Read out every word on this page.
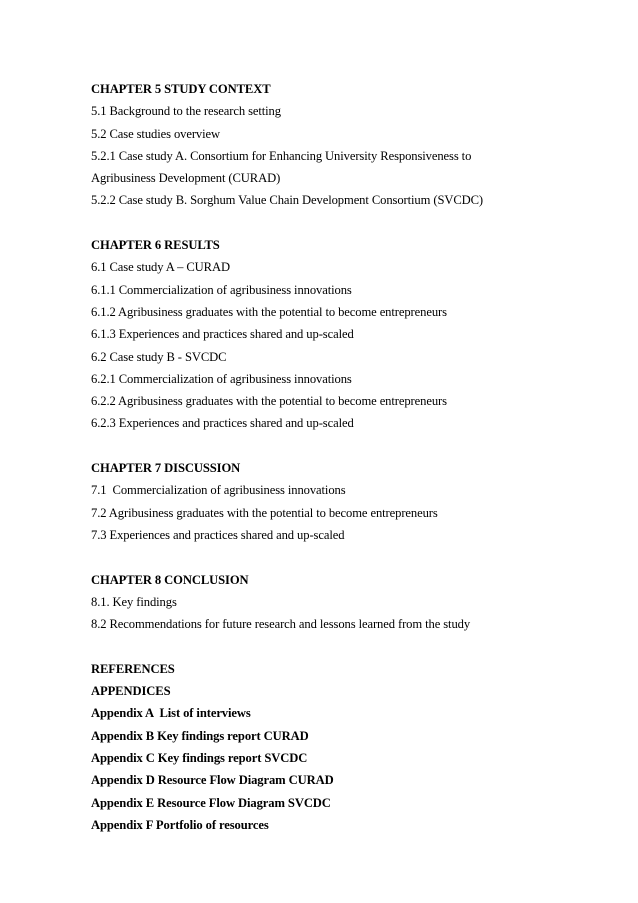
CHAPTER 5 STUDY CONTEXT
5.1 Background to the research setting
5.2 Case studies overview
5.2.1 Case study A. Consortium for Enhancing University Responsiveness to
Agribusiness Development (CURAD)
5.2.2 Case study B. Sorghum Value Chain Development Consortium (SVCDC)
CHAPTER 6 RESULTS
6.1 Case study A – CURAD
6.1.1 Commercialization of agribusiness innovations
6.1.2 Agribusiness graduates with the potential to become entrepreneurs
6.1.3 Experiences and practices shared and up-scaled
6.2 Case study B - SVCDC
6.2.1 Commercialization of agribusiness innovations
6.2.2 Agribusiness graduates with the potential to become entrepreneurs
6.2.3 Experiences and practices shared and up-scaled
CHAPTER 7 DISCUSSION
7.1  Commercialization of agribusiness innovations
7.2 Agribusiness graduates with the potential to become entrepreneurs
7.3 Experiences and practices shared and up-scaled
CHAPTER 8 CONCLUSION
8.1. Key findings
8.2 Recommendations for future research and lessons learned from the study
REFERENCES
APPENDICES
Appendix A  List of interviews
Appendix B Key findings report CURAD
Appendix C Key findings report SVCDC
Appendix D Resource Flow Diagram CURAD
Appendix E Resource Flow Diagram SVCDC
Appendix F Portfolio of resources
